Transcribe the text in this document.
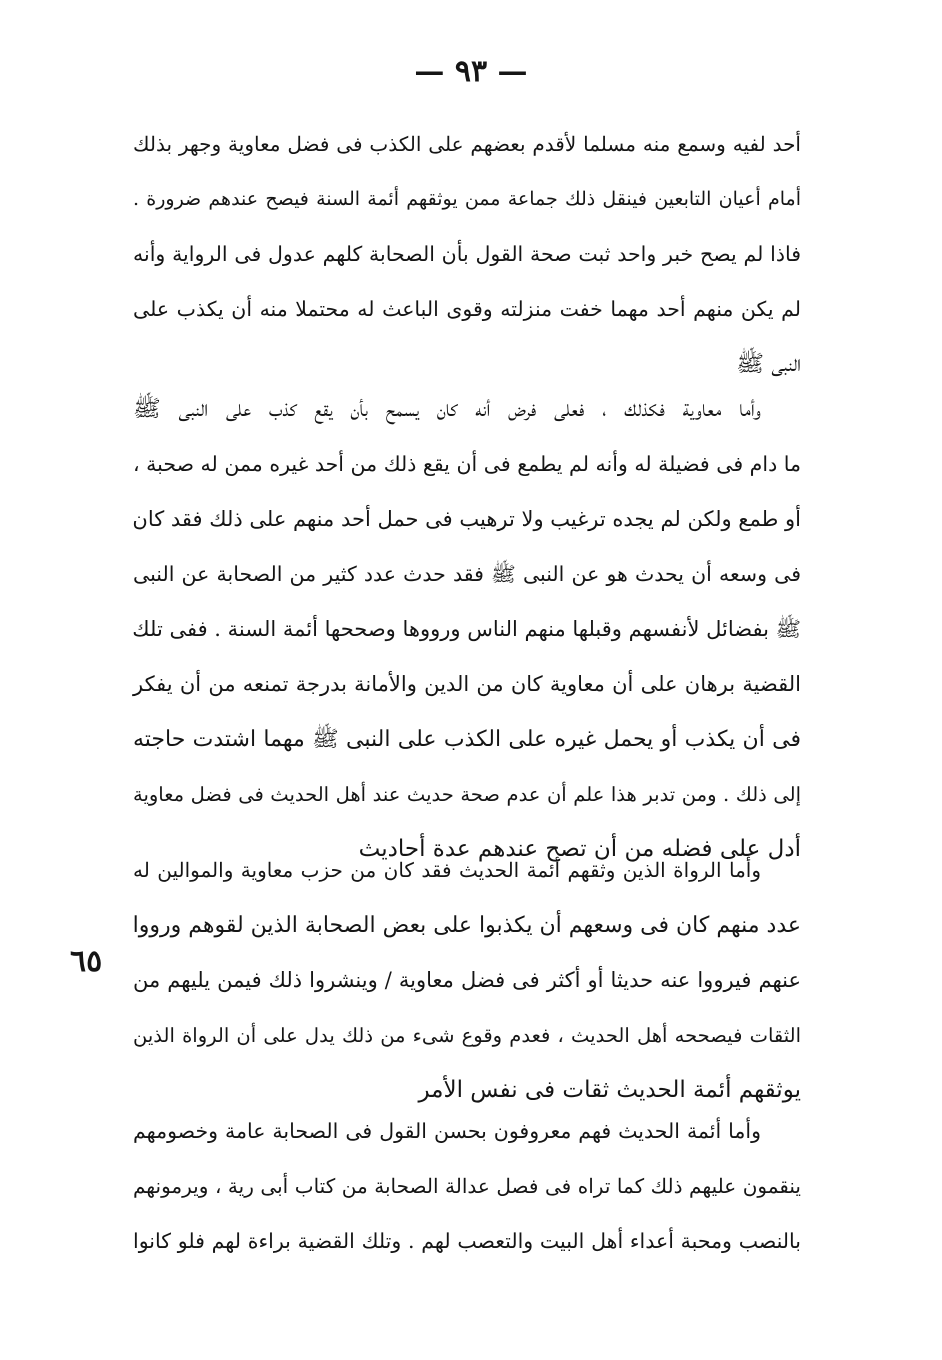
— ٩٣ —
٦٥
أحد لفيه وسمع منه مسلما لأقدم بعضهم على الكذب فى فضل معاوية وجهر بذلك
أمام أعيان التابعين فينقل ذلك جماعة ممن يوثقهم أئمة السنة فيصح عندهم ضرورة .
فاذا لم يصح خبر واحد ثبت صحة القول بأن الصحابة كلهم عدول فى الرواية وأنه
لم يكن منهم أحد مهما خفت منزلته وقوى الباعث له محتملا منه أن يكذب على
النبى ﷺ
وأما معاوية فكذلك ، فعلى فرض أنه كان يسمح بأن يقع كذب على النبى ﷺ
ما دام فى فضيلة له وأنه لم يطمع فى أن يقع ذلك من أحد غيره ممن له صحبة ،
أو طمع ولكن لم يجده ترغيب ولا ترهيب فى حمل أحد منهم على ذلك فقد كان
فى وسعه أن يحدث هو عن النبى ﷺ فقد حدث عدد كثير من الصحابة عن النبى
ﷺ بفضائل لأنفسهم وقبلها منهم الناس ورووها وصححها أئمة السنة . ففى تلك
القضية برهان على أن معاوية كان من الدين والأمانة بدرجة تمنعه من أن يفكر
فى أن يكذب أو يحمل غيره على الكذب على النبى ﷺ مهما اشتدت حاجته
إلى ذلك . ومن تدبر هذا علم أن عدم صحة حديث عند أهل الحديث فى فضل معاوية
أدل على فضله من أن تصح عندهم عدة أحاديث
وأما الرواة الذين وثقهم أئمة الحديث فقد كان من حزب معاوية والموالين له
عدد منهم كان فى وسعهم أن يكذبوا على بعض الصحابة الذين لقوهم ورووا
عنهم فيرووا عنه حديثا أو أكثر فى فضل معاوية / وينشروا ذلك فيمن يليهم من
الثقات فيصححه أهل الحديث ، فعدم وقوع شىء من ذلك يدل على أن الرواة الذين
يوثقهم أئمة الحديث ثقات فى نفس الأمر
وأما أئمة الحديث فهم معروفون بحسن القول فى الصحابة عامة وخصومهم
ينقمون عليهم ذلك كما تراه فى فصل عدالة الصحابة من كتاب أبى رية ، ويرمونهم
بالنصب ومحبة أعداء أهل البيت والتعصب لهم . وتلك القضية براءة لهم فلو كانوا
